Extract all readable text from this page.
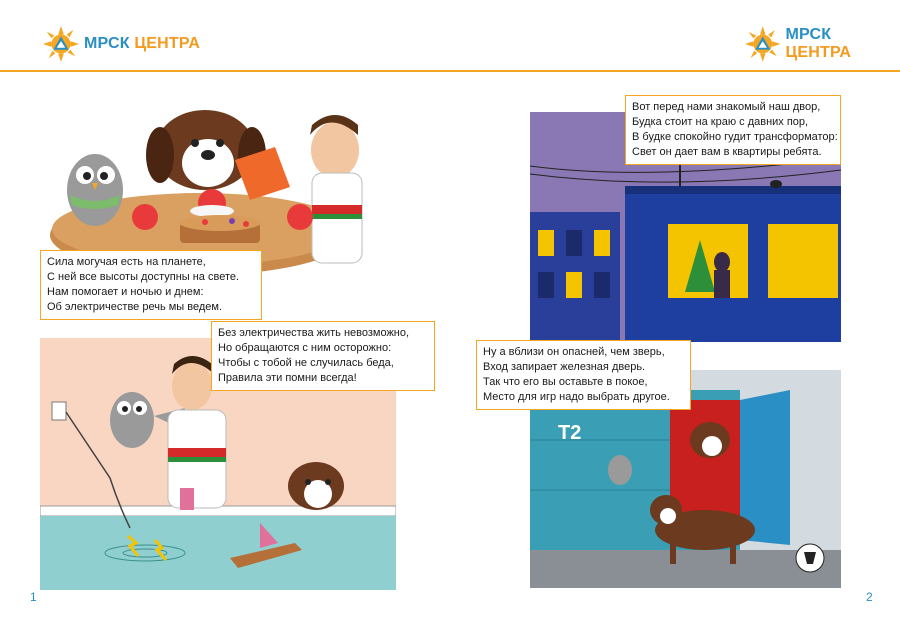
МРСК ЦЕНТРА
МРСК ЦЕНТРА
Сила могучая есть на планете,
С ней все высоты доступны на свете.
Нам помогает и ночью и днем:
Об электричестве речь мы ведем.
Без электричества жить невозможно,
Но обращаются с ним осторожно:
Чтобы с тобой не случилась беда,
Правила эти помни всегда!
Вот перед нами знакомый наш двор,
Будка стоит на краю с давних пор,
В будке спокойно гудит трансформатор:
Свет он дает вам в квартиры ребята.
Т2
Ну а вблизи он опасней, чем зверь,
Вход запирает железная дверь.
Так что его вы оставьте в покое,
Место для игр надо выбрать другое.
1	2
